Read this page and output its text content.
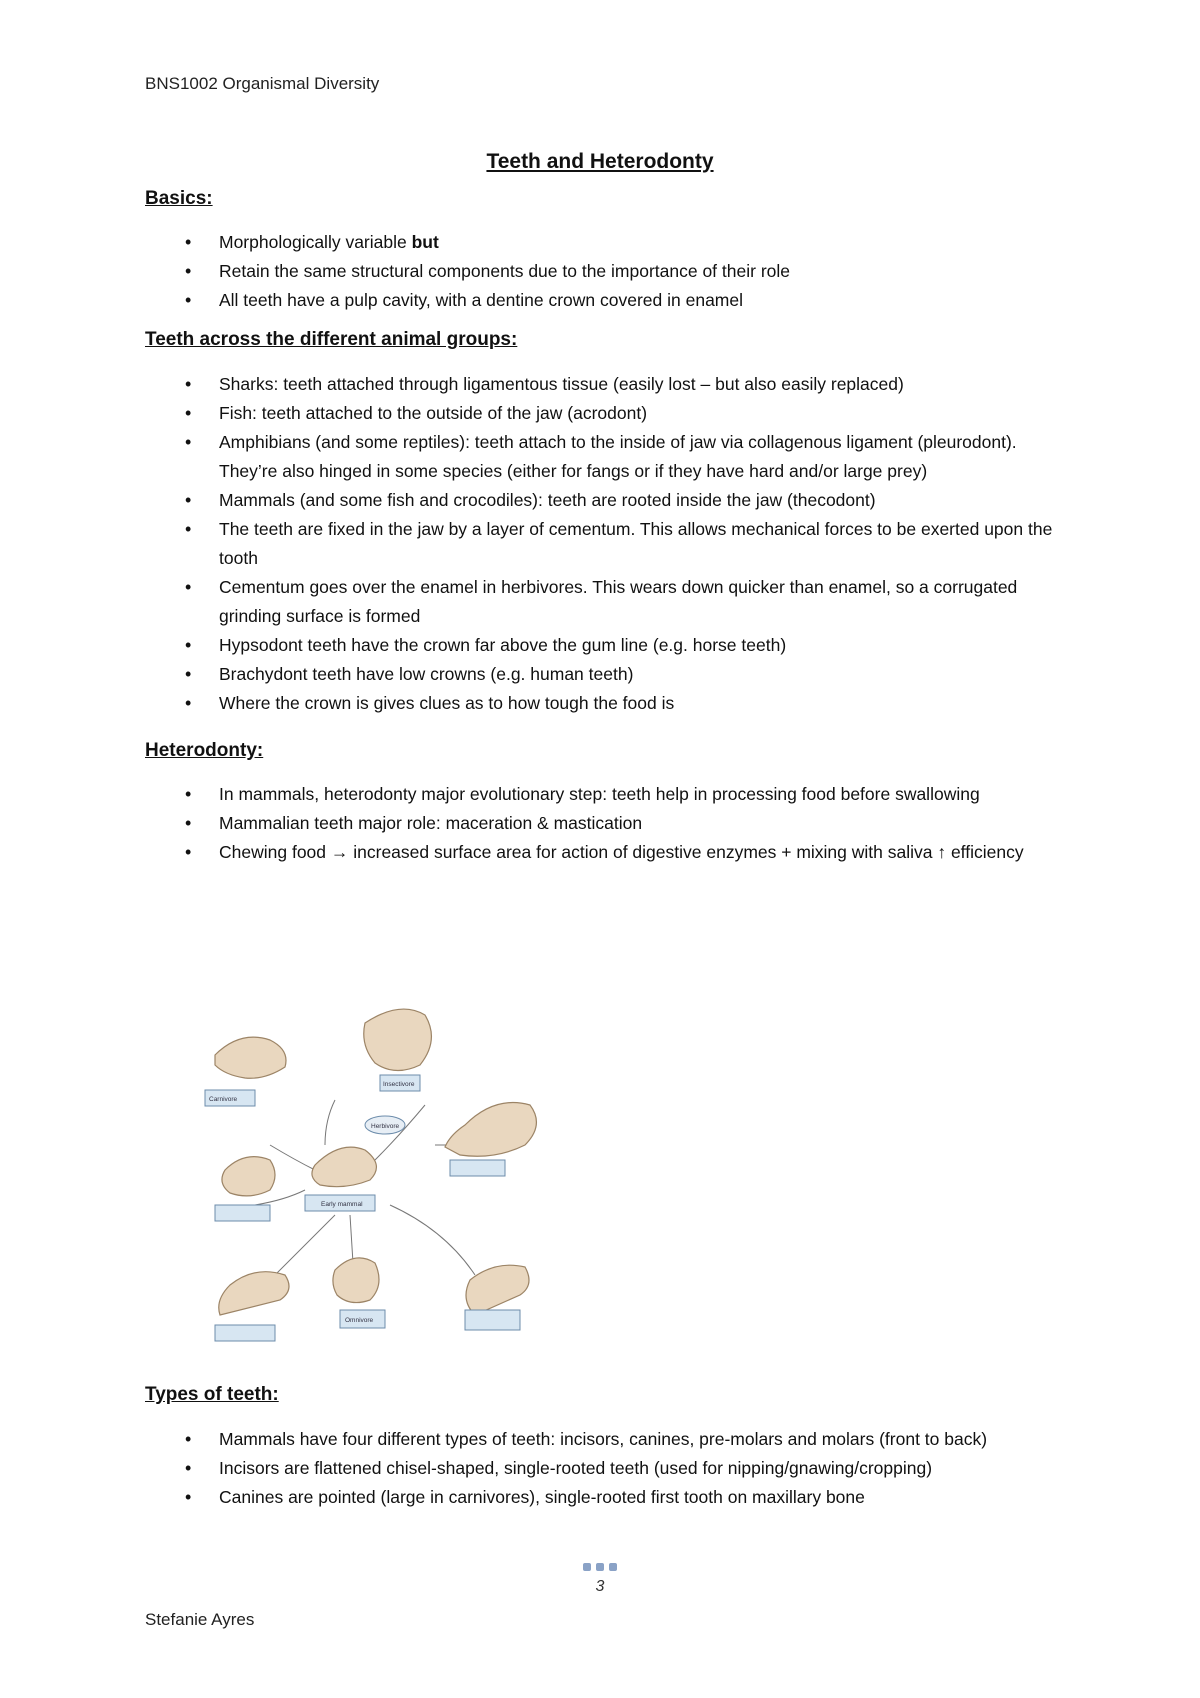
BNS1002 Organismal Diversity
Teeth and Heterodonty
Basics:
• Morphologically variable but
• Retain the same structural components due to the importance of their role
• All teeth have a pulp cavity, with a dentine crown covered in enamel
Teeth across the different animal groups:
• Sharks: teeth attached through ligamentous tissue (easily lost – but also easily replaced)
• Fish: teeth attached to the outside of the jaw (acrodont)
• Amphibians (and some reptiles): teeth attach to the inside of jaw via collagenous ligament (pleurodont). They’re also hinged in some species (either for fangs or if they have hard and/or large prey)
• Mammals (and some fish and crocodiles): teeth are rooted inside the jaw (thecodont)
• The teeth are fixed in the jaw by a layer of cementum. This allows mechanical forces to be exerted upon the tooth
• Cementum goes over the enamel in herbivores. This wears down quicker than enamel, so a corrugated grinding surface is formed
• Hypsodont teeth have the crown far above the gum line (e.g. horse teeth)
• Brachydont teeth have low crowns (e.g. human teeth)
• Where the crown is gives clues as to how tough the food is
Heterodonty:
• In mammals, heterodonty major evolutionary step: teeth help in processing food before swallowing
• Mammalian teeth major role: maceration & mastication
• Chewing food → increased surface area for action of digestive enzymes + mixing with saliva ↑ efficiency
Carnivore
Insectivore
Herbivore
Early mammal
Omnivore
Types of teeth:
• Mammals have four different types of teeth: incisors, canines, pre-molars and molars (front to back)
• Incisors are flattened chisel-shaped, single-rooted teeth (used for nipping/gnawing/cropping)
• Canines are pointed (large in carnivores), single-rooted first tooth on maxillary bone
3
Stefanie Ayres
